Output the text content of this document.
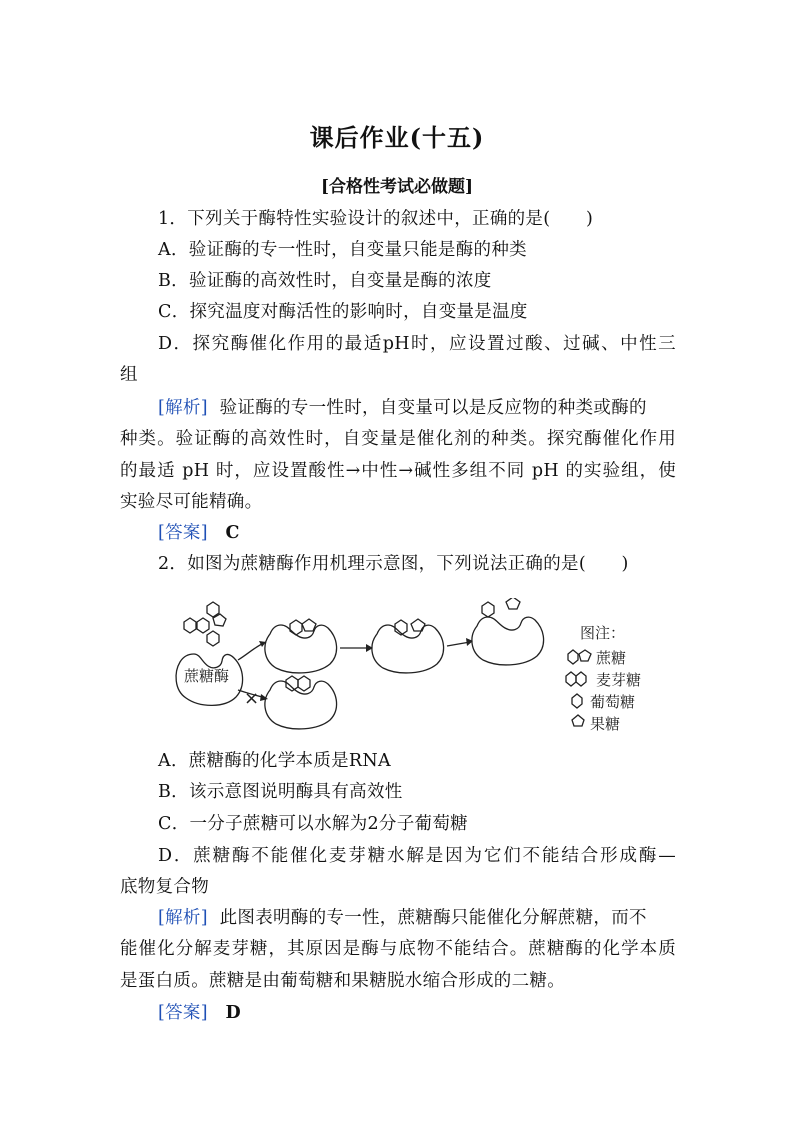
课后作业(十五)
[合格性考试必做题]
1．下列关于酶特性实验设计的叙述中，正确的是(　　)
A．验证酶的专一性时，自变量只能是酶的种类
B．验证酶的高效性时，自变量是酶的浓度
C．探究温度对酶活性的影响时，自变量是温度
D．探究酶催化作用的最适pH时，应设置过酸、过碱、中性三
组
[解析] 验证酶的专一性时，自变量可以是反应物的种类或酶的
种类。验证酶的高效性时，自变量是催化剂的种类。探究酶催化作用
的最适 pH 时，应设置酸性→中性→碱性多组不同 pH 的实验组，使
实验尽可能精确。
[答案] C
2．如图为蔗糖酶作用机理示意图，下列说法正确的是(　　)
蔗糖酶
×
图注：
蔗糖
麦芽糖
葡萄糖
果糖
A．蔗糖酶的化学本质是RNA
B．该示意图说明酶具有高效性
C．一分子蔗糖可以水解为2分子葡萄糖
D．蔗糖酶不能催化麦芽糖水解是因为它们不能结合形成酶—
底物复合物
[解析] 此图表明酶的专一性，蔗糖酶只能催化分解蔗糖，而不
能催化分解麦芽糖，其原因是酶与底物不能结合。蔗糖酶的化学本质
是蛋白质。蔗糖是由葡萄糖和果糖脱水缩合形成的二糖。
[答案] D
